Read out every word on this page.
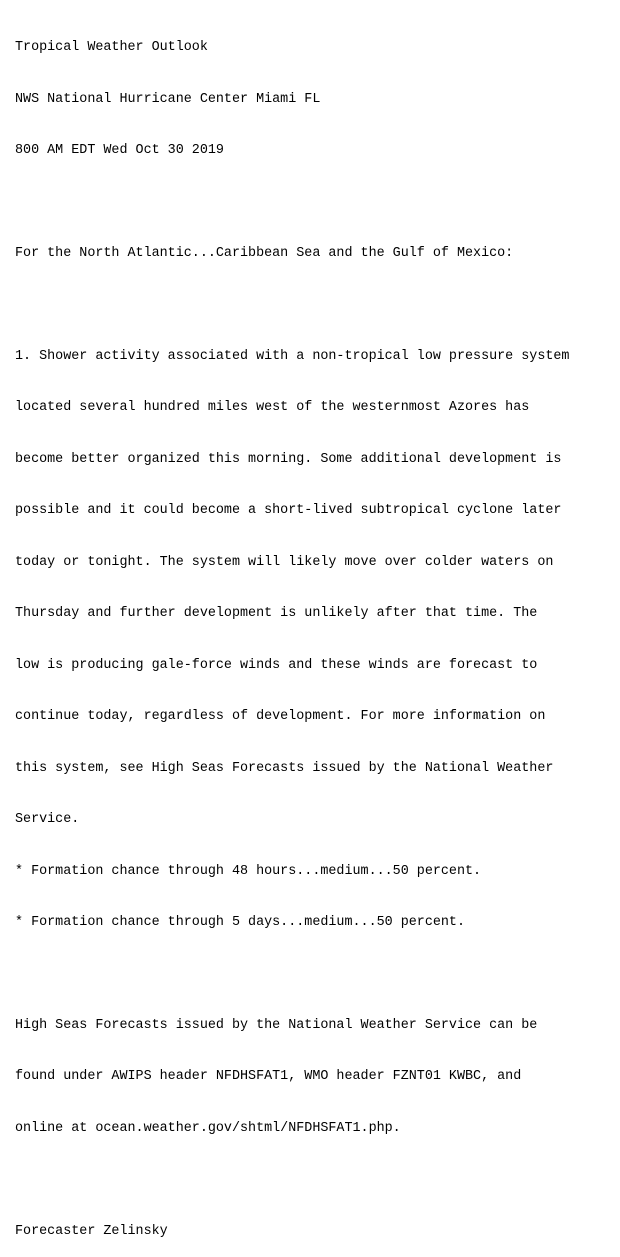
Tropical Weather Outlook

NWS National Hurricane Center Miami FL

800 AM EDT Wed Oct 30 2019

For the North Atlantic...Caribbean Sea and the Gulf of Mexico:

1. Shower activity associated with a non-tropical low pressure system

located several hundred miles west of the westernmost Azores has

become better organized this morning. Some additional development is

possible and it could become a short-lived subtropical cyclone later

today or tonight. The system will likely move over colder waters on

Thursday and further development is unlikely after that time. The

low is producing gale-force winds and these winds are forecast to

continue today, regardless of development. For more information on

this system, see High Seas Forecasts issued by the National Weather

Service.

* Formation chance through 48 hours...medium...50 percent.

* Formation chance through 5 days...medium...50 percent.

High Seas Forecasts issued by the National Weather Service can be

found under AWIPS header NFDHSFAT1, WMO header FZNT01 KWBC, and

online at ocean.weather.gov/shtml/NFDHSFAT1.php.

Forecaster Zelinsky
